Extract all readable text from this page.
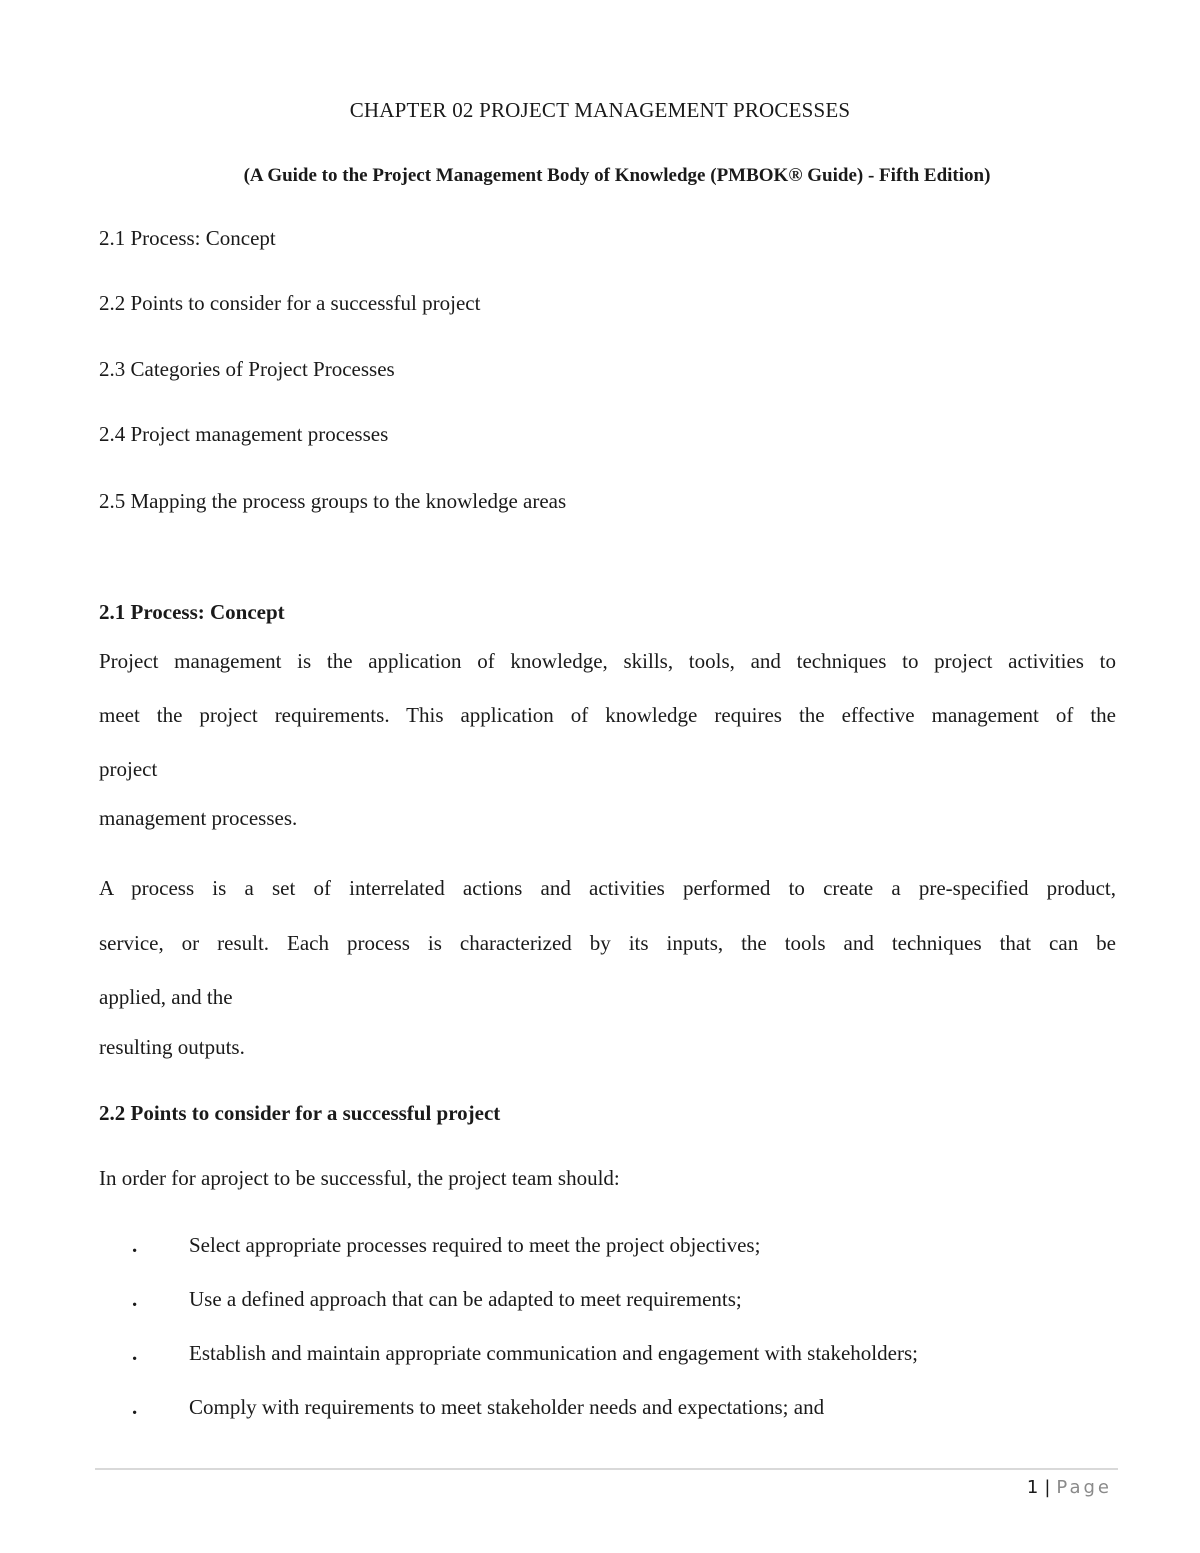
CHAPTER 02 PROJECT MANAGEMENT PROCESSES

(A Guide to the Project Management Body of Knowledge (PMBOK® Guide) - Fifth Edition)

2.1 Process: Concept

2.2 Points to consider for a successful project

2.3 Categories of Project Processes

2.4 Project management processes

2.5 Mapping the process groups to the knowledge areas

2.1 Process: Concept

Project management is the application of knowledge, skills, tools, and techniques to project activities to

meet the project requirements. This application of knowledge requires the effective management of the

project

management processes.

A process is a set of interrelated actions and activities performed to create a pre-specified product,

service, or result. Each process is characterized by its inputs, the tools and techniques that can be

applied, and the

resulting outputs.

2.2 Points to consider for a successful project

In order for aproject to be successful, the project team should:

. Select appropriate processes required to meet the project objectives;

. Use a defined approach that can be adapted to meet requirements;

. Establish and maintain appropriate communication and engagement with stakeholders;

. Comply with requirements to meet stakeholder needs and expectations; and

1 | Page
